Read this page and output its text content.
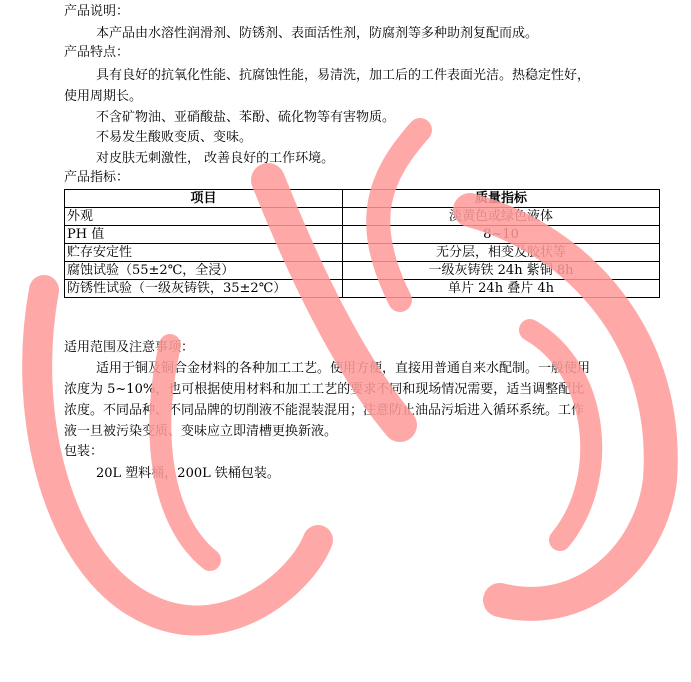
产品说明：
本产品由水溶性润滑剂、防锈剂、表面活性剂，防腐剂等多种助剂复配而成。
产品特点：
具有良好的抗氧化性能、抗腐蚀性能，易清洗，加工后的工件表面光洁。热稳定性好，
使用周期长。
不含矿物油、亚硝酸盐、苯酚、硫化物等有害物质。
不易发生酸败变质、变味。
对皮肤无刺激性， 改善良好的工作环境。
产品指标：
项目	质量指标
外观	淡黄色或绿色液体
PH 值	8~10
贮存安定性	无分层，相变及胶状等
腐蚀试验（55±2℃，全浸）	一级灰铸铁 24h 紫铜 8h
防锈性试验（一级灰铸铁，35±2℃）	单片 24h 叠片 4h
适用范围及注意事项：
适用于铜及铜合金材料的各种加工工艺。使用方便，直接用普通自来水配制。一般使用
浓度为 5~10%，也可根据使用材料和加工工艺的要求不同和现场情况需要，适当调整配比
浓度。不同品种、不同品牌的切削液不能混装混用；注意防止油品污垢进入循环系统。工作
液一旦被污染变质、变味应立即清槽更换新液。
包装：
20L 塑料桶，200L 铁桶包装。
